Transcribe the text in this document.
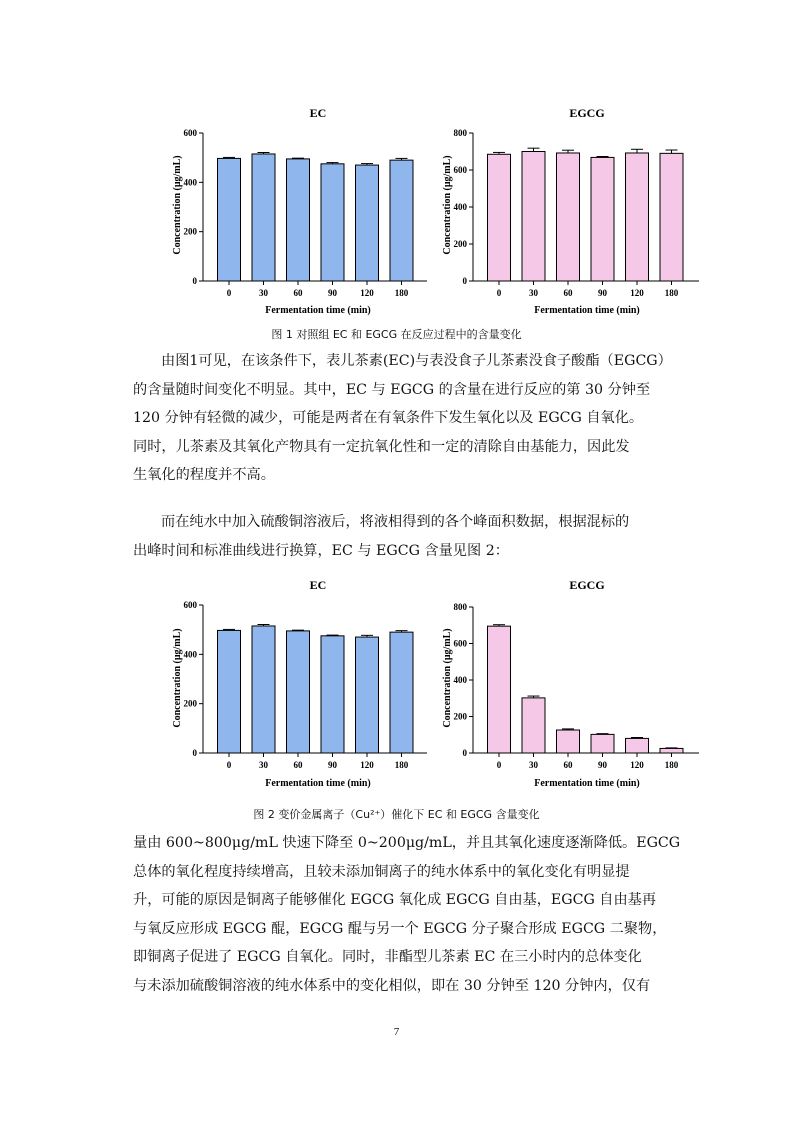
EC
0
200
400
600
0	30	60	90	120 180
Fermentation time (min)
Concentration (μg/mL)
EGCG
0
200
400
600
800
0	30	60	90	120 180
Fermentation time (min)
Concentration (μg/mL)
图 1 对照组 EC 和 EGCG 在反应过程中的含量变化
由图1可见，在该条件下，表儿茶素(EC)与表没食子儿茶素没食子酸酯（EGCG）
的含量随时间变化不明显。其中，EC 与 EGCG 的含量在进行反应的第 30 分钟至
120 分钟有轻微的减少，可能是两者在有氧条件下发生氧化以及 EGCG 自氧化。
同时，儿茶素及其氧化产物具有一定抗氧化性和一定的清除自由基能力，因此发
生氧化的程度并不高。
而在纯水中加入硫酸铜溶液后，将液相得到的各个峰面积数据，根据混标的
出峰时间和标准曲线进行换算，EC 与 EGCG 含量见图 2：
EC
0
200
400
600
0	30	60	90	120 180
Fermentation time (min)
Concentration (μg/mL)
EGCG
0
200
400
600
800
0	30	60	90	120 180
Fermentation time (min)
Concentration (μg/mL)
图 2 变价金属离子（Cu²⁺）催化下 EC 和 EGCG 含量变化
量由 600~800μg/mL 快速下降至 0~200μg/mL，并且其氧化速度逐渐降低。EGCG
总体的氧化程度持续增高，且较未添加铜离子的纯水体系中的氧化变化有明显提
升，可能的原因是铜离子能够催化 EGCG 氧化成 EGCG 自由基，EGCG 自由基再
与氧反应形成 EGCG 醌，EGCG 醌与另一个 EGCG 分子聚合形成 EGCG 二聚物，
即铜离子促进了 EGCG 自氧化。同时，非酯型儿茶素 EC 在三小时内的总体变化
与未添加硫酸铜溶液的纯水体系中的变化相似，即在 30 分钟至 120 分钟内，仅有
7
